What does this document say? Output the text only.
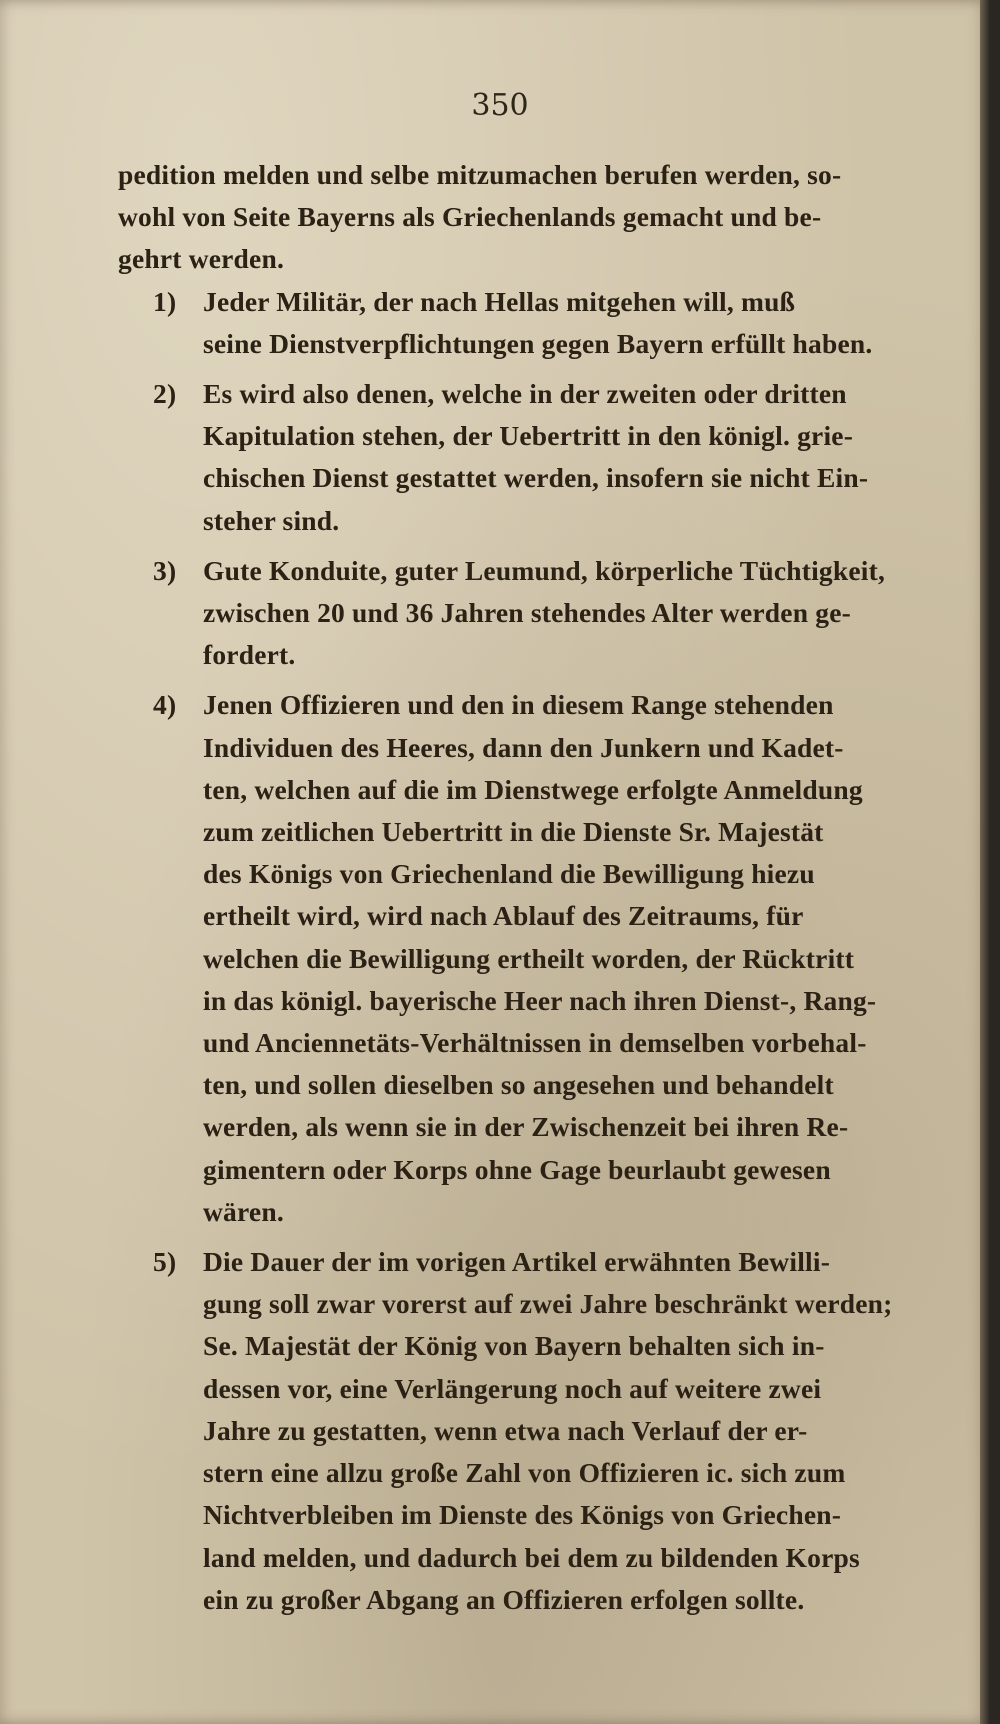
350
pedition melden und selbe mitzumachen berufen werden, so-
wohl von Seite Bayerns als Griechenlands gemacht und be-
gehrt werden.
1) Jeder Militär, der nach Hellas mitgehen will, muß
seine Dienstverpflichtungen gegen Bayern erfüllt haben.
2) Es wird also denen, welche in der zweiten oder dritten
Kapitulation stehen, der Uebertritt in den königl. grie-
chischen Dienst gestattet werden, insofern sie nicht Ein-
steher sind.
3) Gute Konduite, guter Leumund, körperliche Tüchtigkeit,
zwischen 20 und 36 Jahren stehendes Alter werden ge-
fordert.
4) Jenen Offizieren und den in diesem Range stehenden
Individuen des Heeres, dann den Junkern und Kadet-
ten, welchen auf die im Dienstwege erfolgte Anmeldung
zum zeitlichen Uebertritt in die Dienste Sr. Majestät
des Königs von Griechenland die Bewilligung hiezu
ertheilt wird, wird nach Ablauf des Zeitraums, für
welchen die Bewilligung ertheilt worden, der Rücktritt
in das königl. bayerische Heer nach ihren Dienst-, Rang-
und Anciennetäts-Verhältnissen in demselben vorbehal-
ten, und sollen dieselben so angesehen und behandelt
werden, als wenn sie in der Zwischenzeit bei ihren Re-
gimentern oder Korps ohne Gage beurlaubt gewesen
wären.
5) Die Dauer der im vorigen Artikel erwähnten Bewilli-
gung soll zwar vorerst auf zwei Jahre beschränkt werden;
Se. Majestät der König von Bayern behalten sich in-
dessen vor, eine Verlängerung noch auf weitere zwei
Jahre zu gestatten, wenn etwa nach Verlauf der er-
stern eine allzu große Zahl von Offizieren ic. sich zum
Nichtverbleiben im Dienste des Königs von Griechen-
land melden, und dadurch bei dem zu bildenden Korps
ein zu großer Abgang an Offizieren erfolgen sollte.
